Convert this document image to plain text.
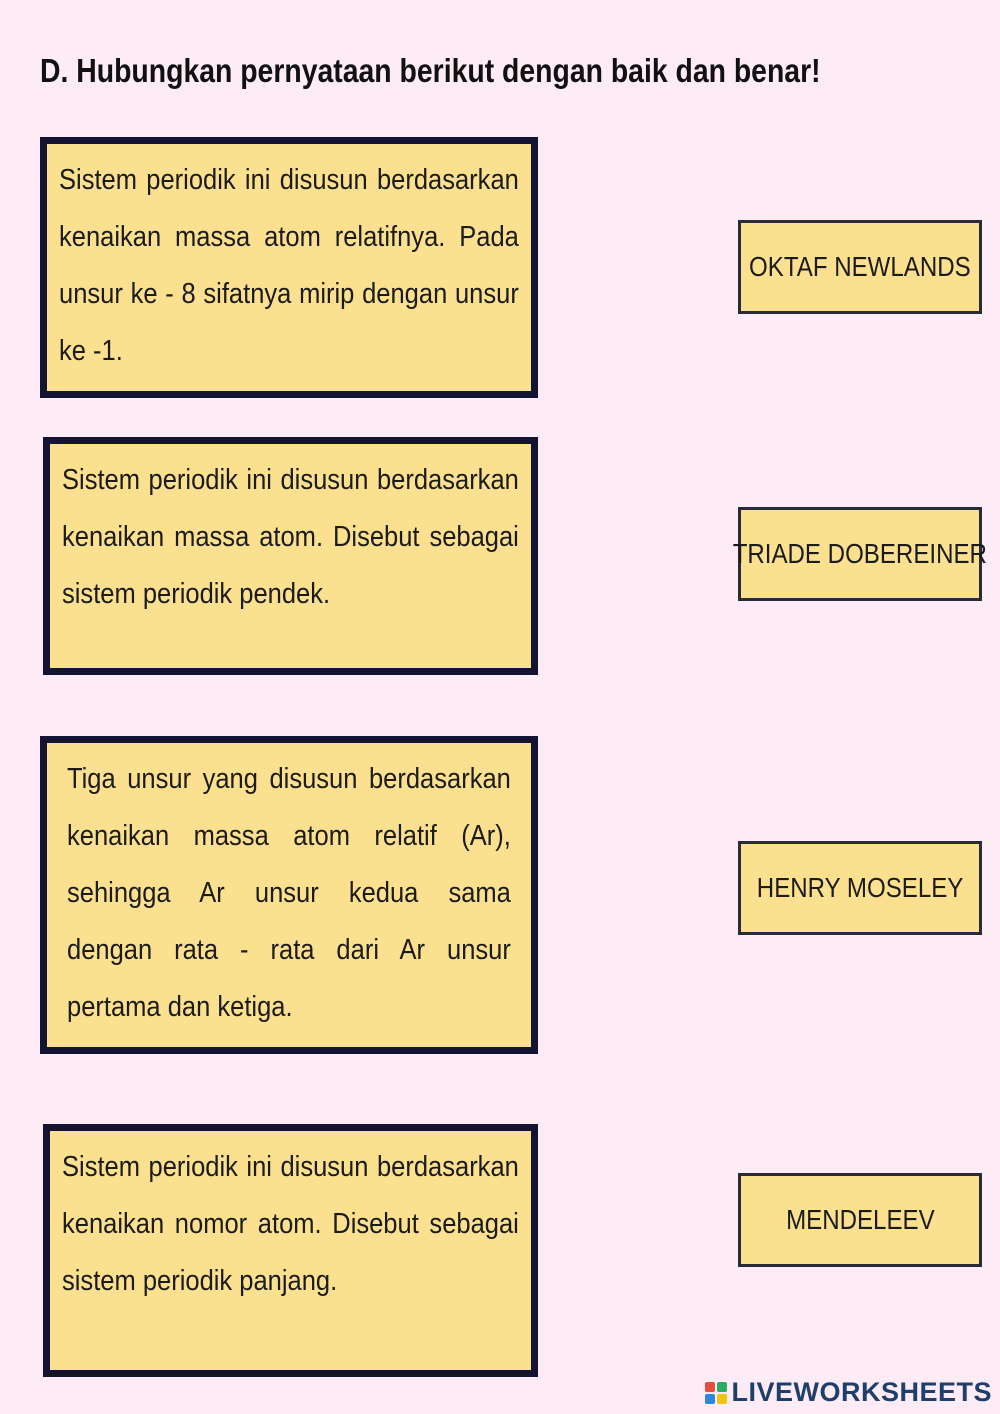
D. Hubungkan pernyataan berikut dengan baik dan benar!

Sistem periodik ini disusun berdasarkan kenaikan massa atom relatifnya. Pada unsur ke - 8 sifatnya mirip dengan unsur ke -1.

Sistem periodik ini disusun berdasarkan kenaikan massa atom. Disebut sebagai sistem periodik pendek.

Tiga unsur yang disusun berdasarkan kenaikan massa atom relatif (Ar), sehingga Ar unsur kedua sama dengan rata - rata dari Ar unsur pertama dan ketiga.

Sistem periodik ini disusun berdasarkan kenaikan nomor atom. Disebut sebagai sistem periodik panjang.

OKTAF NEWLANDS
TRIADE DOBEREINER
HENRY MOSELEY
MENDELEEV
LIVEWORKSHEETS
